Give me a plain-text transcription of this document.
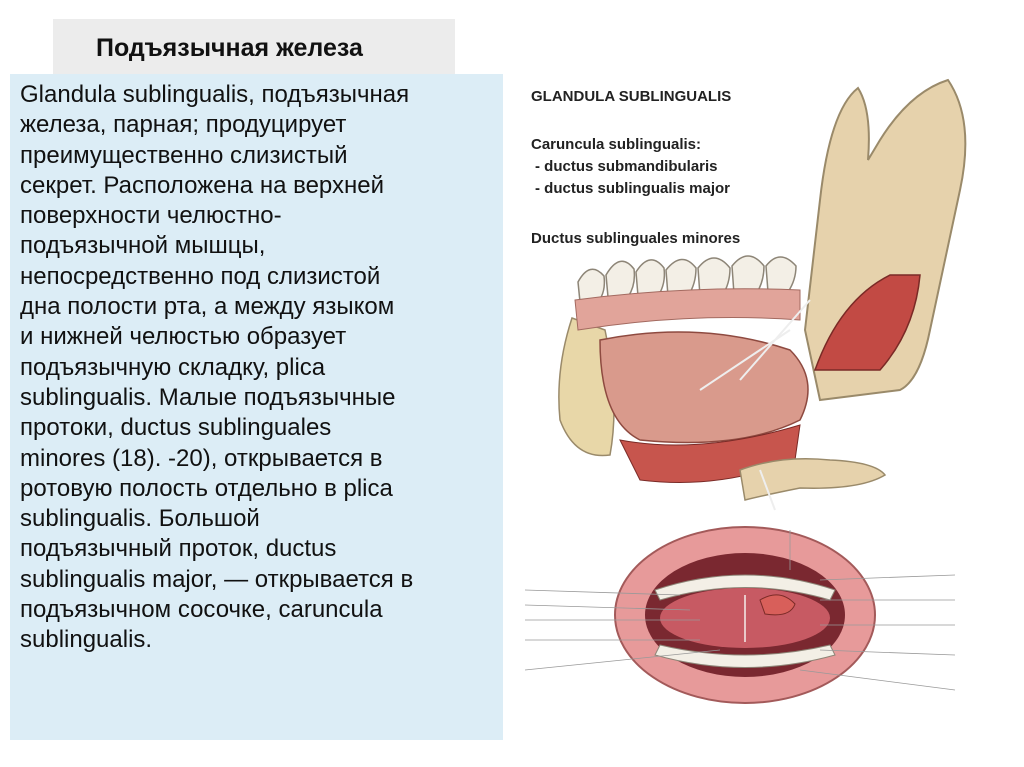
Подъязычная железа
Glandula sublingualis, подъязычная
железа, парная; продуцирует
преимущественно слизистый
секрет. Расположена на верхней
поверхности челюстно-
подъязычной мышцы,
непосредственно под слизистой
дна полости рта, а между языком
и нижней челюстью образует
подъязычную складку, plica
sublingualis. Малые подъязычные
протоки, ductus sublinguales
minores (18). -20), открывается в
ротовую полость отдельно в plica
sublingualis. Большой
подъязычный проток, ductus
sublingualis major, — открывается в
подъязычном сосочке, caruncula
sublingualis.
GLANDULA SUBLINGUALIS
Caruncula sublingualis:
- ductus submandibularis
- ductus sublingualis major
Ductus sublinguales minores
